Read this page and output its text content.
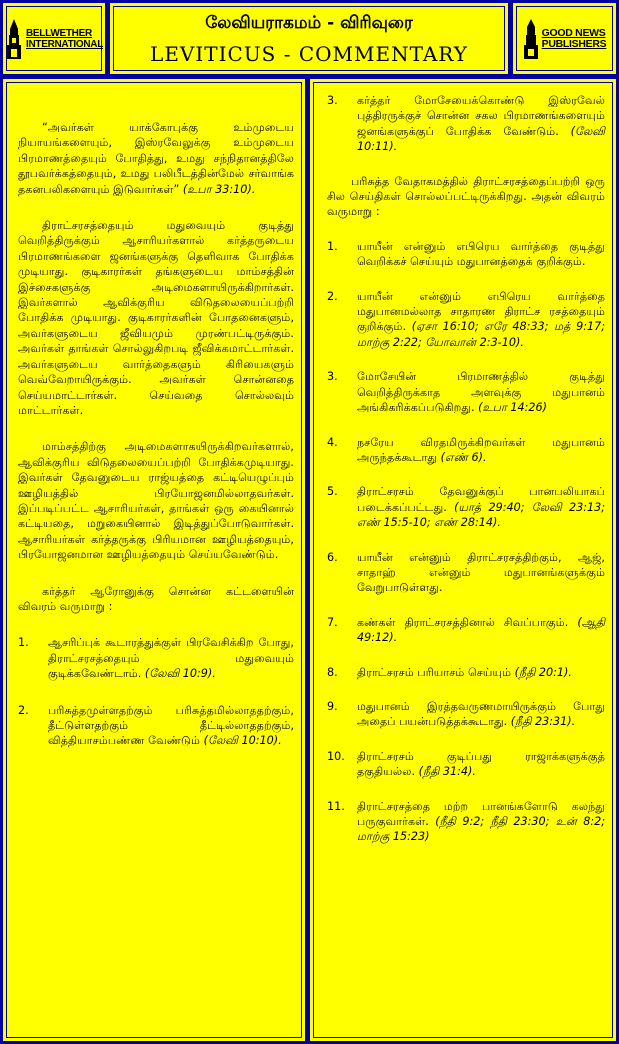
BELLWETHER
INTERNATIONAL
லேவியராகமம் - விரிவுரை
LEVITICUS - COMMENTARY
GOOD NEWS
PUBLISHERS

“அவர்கள் யாக்கோபுக்கு உம்முடைய நியாயங்களையும், இஸ்ரவேலுக்கு உம்முடைய பிரமாணத்தையும் போதித்து, உமது சந்நிதானத்திலே தூபவர்க்கத்தையும், உமது பலிபீடத்தின்மேல் சர்வாங்க தகனபலிகளையும் இடுவார்கள்” (உபா 33:10).

திராட்சரசத்தையும் மதுவையும் குடித்து வெறித்திருக்கும் ஆசாரியர்களால் கர்த்தருடைய பிரமாணங்களை ஜனங்களுக்கு தெளிவாக போதிக்க முடியாது. குடிகாரர்கள் தங்களுடைய மாம்சத்தின் இச்சைகளுக்கு அடிமைகளாயிருக்கிறார்கள். இவர்களால் ஆவிக்குரிய விடுதலையைப்பற்றி போதிக்க முடியாது. குடிகாரர்களின் போதனைகளும், அவர்களுடைய ஜீவியமும் முரண்பட்டிருக்கும். அவர்கள் தாங்கள் சொல்லுகிறபடி ஜீவிக்கமாட்டார்கள். அவர்களுடைய வார்த்தைகளும் கிரியைகளும் வெவ்வேறாயிருக்கும். அவர்கள் சொன்னதை செய்யமாட்டார்கள். செய்வதை சொல்லவும் மாட்டார்கள்.

மாம்சத்திற்கு அடிமைகளாகயிருக்கிறவர்களால், ஆவிக்குரிய விடுதலையைப்பற்றி போதிக்கமுடியாது. இவர்கள் தேவனுடைய ராஜ்யத்தை கட்டியெழுப்பும் ஊழியத்தில் பிரயோஜனமில்லாதவர்கள். இப்படிப்பட்ட ஆசாரியர்கள், தாங்கள் ஒரு கையினால் கட்டியதை, மறுகையினால் இடித்துப்போடுவார்கள். ஆசாரியர்கள் கர்த்தருக்கு பிரியமான ஊழியத்தையும், பிரயோஜனமான ஊழியத்தையும் செய்யவேண்டும்.

கர்த்தர் ஆரோனுக்கு சொன்ன கட்டளையின் விவரம் வருமாறு :

1. ஆசரிப்புக் கூடாரத்துக்குள் பிரவேசிக்கிற போது, திராட்சரசத்தையும் மதுவையும் குடிக்கவேண்டாம். (லேவி 10:9).
2. பரிசுத்தமுள்ளதற்கும் பரிசுத்தமில்லாததற்கும், தீட்டுள்ளதற்கும் தீட்டில்லாததற்கும், வித்தியாசம்பண்ண வேண்டும் (லேவி 10:10).
3. கர்த்தர் மோசேயைக்கொண்டு இஸ்ரவேல் புத்திரருக்குச் சொன்ன சகல பிரமாணங்களையும் ஜனங்களுக்குப் போதிக்க வேண்டும். (லேவி 10:11).

பரிசுத்த வேதாகமத்தில் திராட்சரசத்தைப்பற்றி ஒரு சில செய்திகள் சொல்லப்பட்டிருக்கிறது. அதன் விவரம் வருமாறு :

1. யாயீன் என்னும் எபிரெய வார்த்தை குடித்து வெறிக்கச் செய்யும் மதுபானத்தைக் குறிக்கும்.
2. யாயீன் என்னும் எபிரெய வார்த்தை மதுபானமல்லாத சாதாரண திராட்ச ரசத்தையும் குறிக்கும். (ஏசா 16:10; எரே 48:33; மத் 9:17; மாற்கு 2:22; யோவான் 2:3-10).
3. மோசேயின் பிரமாணத்தில் குடித்து வெறித்திருக்காத அளவுக்கு மதுபானம் அங்கிகரிக்கப்படுகிறது. (உபா 14:26)
4. நசரேய விரதமிருக்கிறவர்கள் மதுபானம் அருந்தக்கூடாது (எண் 6).
5. திராட்சரசம் தேவனுக்குப் பானபலியாகப் படைக்கப்பட்டது. (யாத் 29:40; லேவி 23:13; எண் 15:5-10; எண் 28:14).
6. யாயீன் என்னும் திராட்சரசத்திற்கும், ஆஜ், சாதாஹ் என்னும் மதுபானங்களுக்கும் வேறுபாடுள்ளது.
7. கண்கள் திராட்சரசத்தினால் சிவப்பாகும். (ஆதி 49:12).
8. திராட்சரசம் பரியாசம் செய்யும் (நீதி 20:1).
9. மதுபானம் இரத்தவருணமாயிருக்கும் போது அதைப் பயன்படுத்தக்கூடாது. (நீதி 23:31).
10. திராட்சரசம் குடிப்பது ராஜாக்களுக்குத் தகுதியல்ல. (நீதி 31:4).
11. திராட்சரசத்தை மற்ற பானங்களோடு கலந்து பருகுவார்கள். (நீதி 9:2; நீதி 23:30; உன் 8:2; மாற்கு 15:23)
